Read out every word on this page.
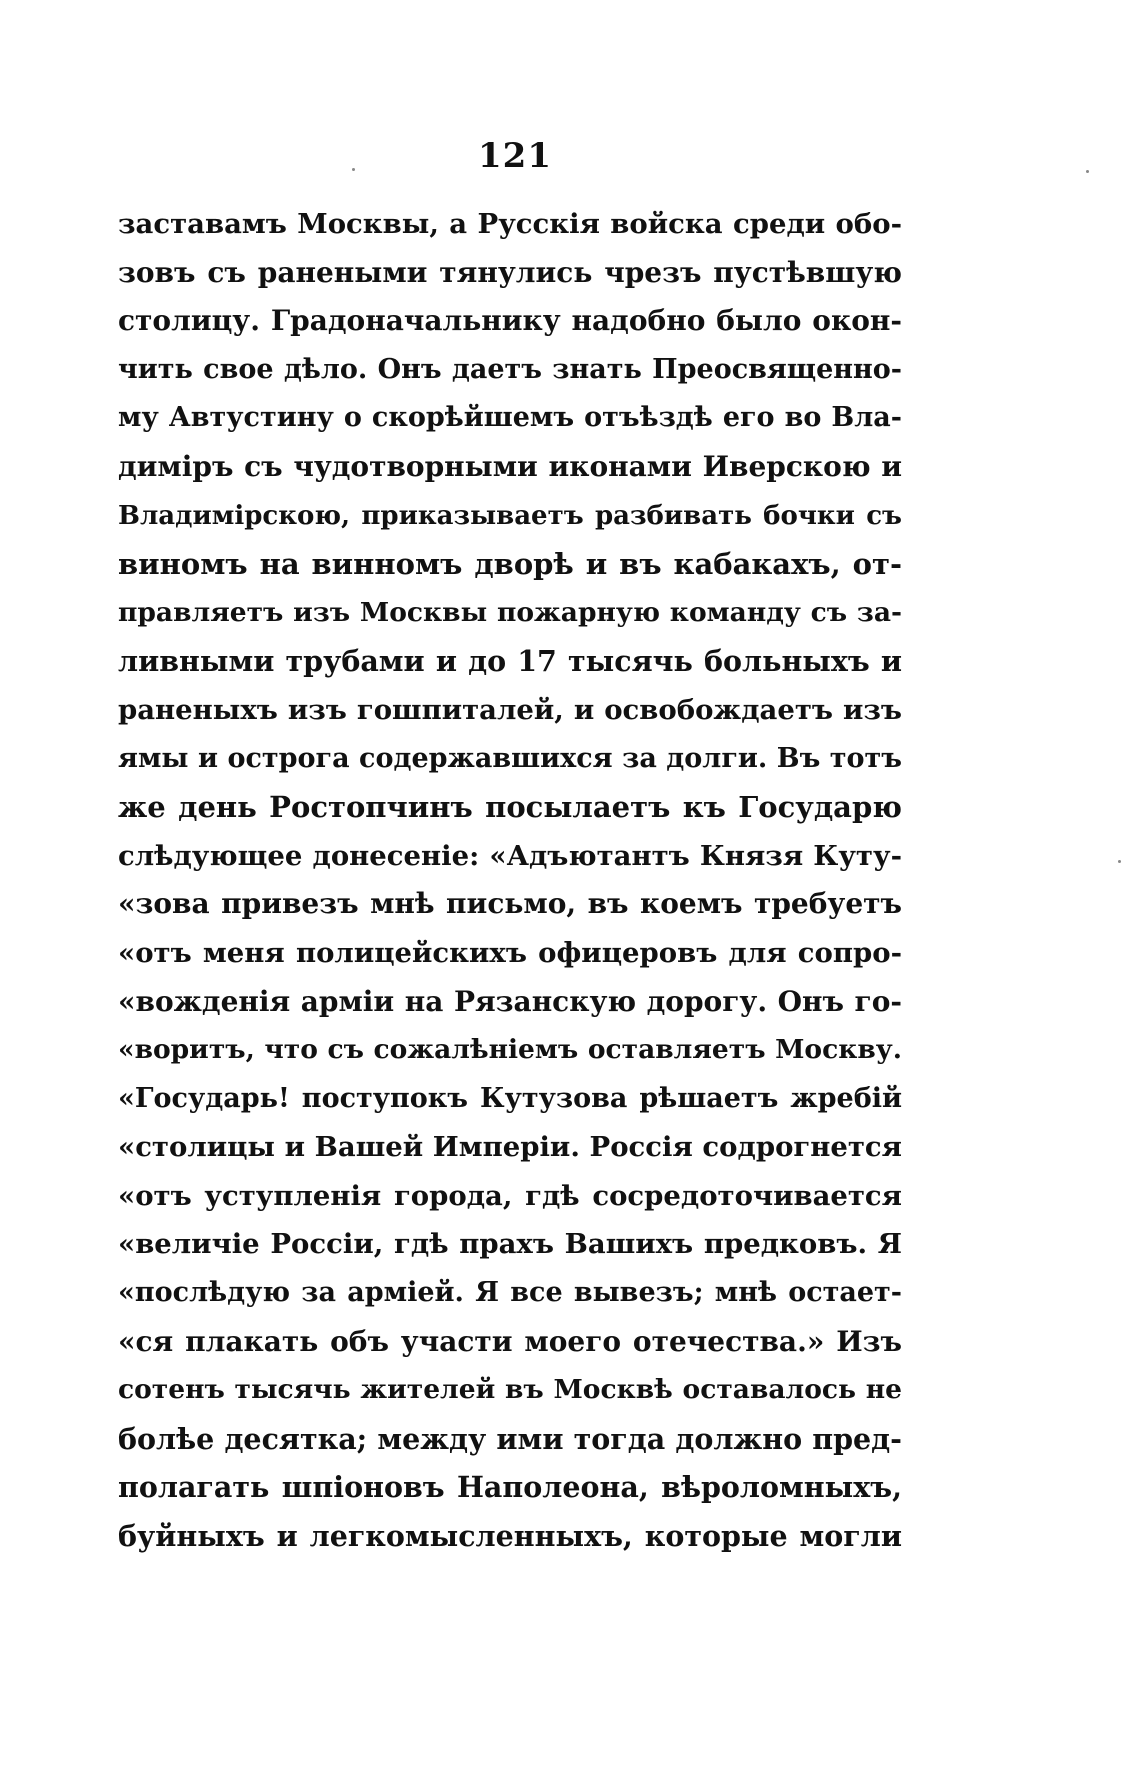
121
заставамъ Москвы, а Русскія войска среди обо-
зовъ съ ранеными тянулись чрезъ пустѣвшую
столицу. Градоначальнику надобно было окон-
чить свое дѣло. Онъ даетъ знать Преосвященно-
му Автустину о скорѣйшемъ отъѣздѣ его во Вла-
диміръ съ чудотворными иконами Иверскою и
Владимірскою, приказываетъ разбивать бочки съ
виномъ на винномъ дворѣ и въ кабакахъ, от-
правляетъ изъ Москвы пожарную команду съ за-
ливными трубами и до 17 тысячь больныхъ и
раненыхъ изъ гошпиталей, и освобождаетъ изъ
ямы и острога содержавшихся за долги. Въ тотъ
же день Ростопчинъ посылаетъ къ Государю
слѣдующее донесеніе: «Адъютантъ Князя Куту-
«зова привезъ мнѣ письмо, въ коемъ требуетъ
«отъ меня полицейскихъ офицеровъ для сопро-
«вожденія арміи на Рязанскую дорогу. Онъ го-
«воритъ, что съ сожалѣніемъ оставляетъ Москву.
«Государь! поступокъ Кутузова рѣшаетъ жребій
«столицы и Вашей Имперіи. Россія содрогнется
«отъ уступленія города, гдѣ сосредоточивается
«величіе Россіи, гдѣ прахъ Вашихъ предковъ. Я
«послѣдую за арміей. Я все вывезъ; мнѣ остает-
«ся плакать объ участи моего отечества.» Изъ
сотенъ тысячь жителей въ Москвѣ оставалось не
болѣе десятка; между ими тогда должно пред-
полагать шпіоновъ Наполеона, вѣроломныхъ,
буйныхъ и легкомысленныхъ, которые могли
